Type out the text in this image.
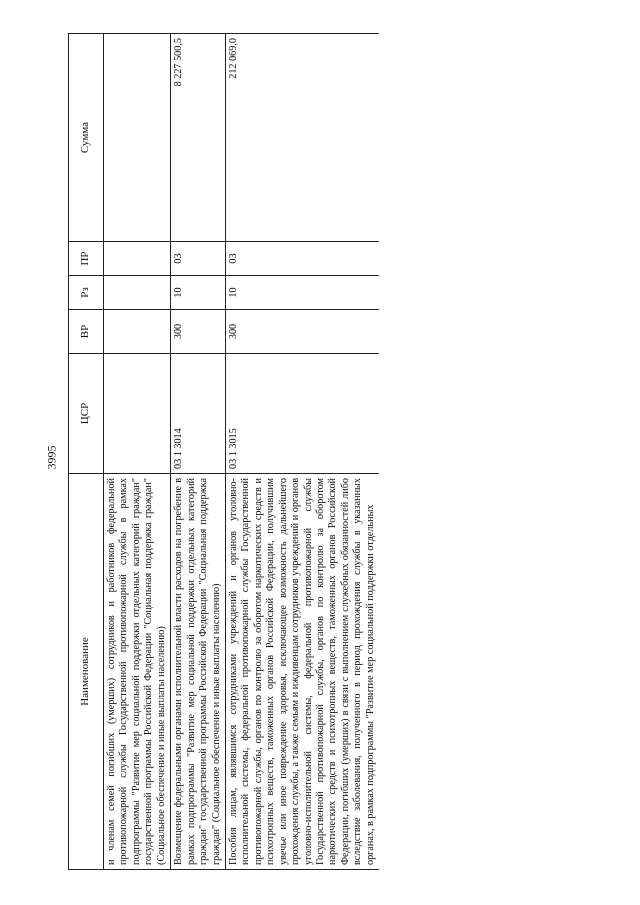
3995
Наименование	ЦСР	ВР	Рз	ПР	Сумма
и членам семей погибших (умерших) сотрудников и работников федеральной противопожарной службы Государственной противопожарной службы в рамках подпрограммы "Развитие мер социальной поддержки отдельных категорий граждан" государственной программы Российской Федерации "Социальная поддержка граждан" (Социальное обеспечение и иные выплаты населению)					
Возмещение федеральными органами исполнительной власти расходов на погребение в рамках подпрограммы "Развитие мер социальной поддержки отдельных категорий граждан" государственной программы Российской Федерации "Социальная поддержка граждан" (Социальное обеспечение и иные выплаты населению)	03 1 3014	300	10	03	8 227 500,5
Пособия лицам, являвшимся сотрудниками учреждений и органов уголовно-исполнительной системы, федеральной противопожарной службы Государственной противопожарной службы, органов по контролю за оборотом наркотических средств и психотропных веществ, таможенных органов Российской Федерации, получившим увечье или иное повреждение здоровья, исключающее возможность дальнейшего прохождения службы, а также семьям и иждивенцам сотрудников учреждений и органов уголовно-исполнительной системы, федеральной противопожарной службы Государственной противопожарной службы, органов по контролю за оборотом наркотических средств и психотропных веществ, таможенных органов Российской Федерации, погибших (умерших) в связи с выполнением служебных обязанностей либо вследствие заболевания, полученного в период прохождения службы в указанных органах, в рамках подпрограммы "Развитие мер социальной поддержки отдельных	03 1 3015	300	10	03	212 069,0
